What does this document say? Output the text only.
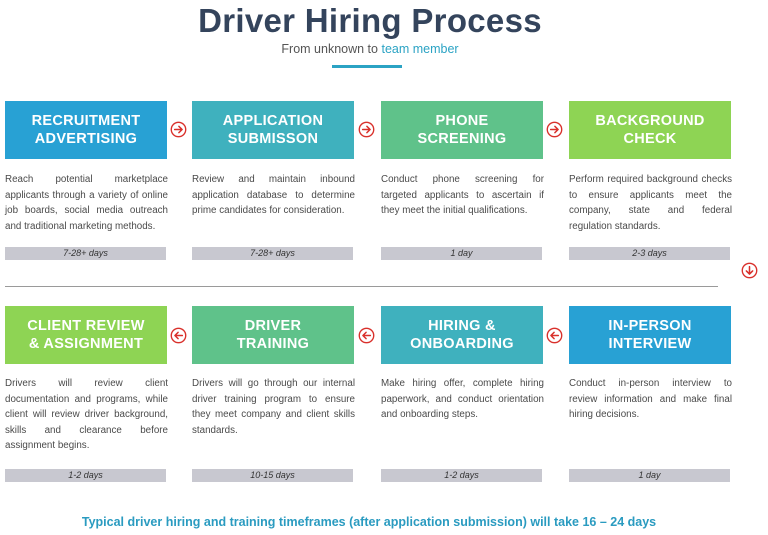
Driver Hiring Process
From unknown to team member
RECRUITMENT
ADVERTISING
Reach potential marketplace applicants through a variety of online job boards, social media outreach and traditional marketing methods.
7-28+ days
APPLICATION
SUBMISSON
Review and maintain inbound application database to determine prime candidates for consideration.
7-28+ days
PHONE
SCREENING
Conduct phone screening for targeted applicants to ascertain if they meet the initial qualifications.
1 day
BACKGROUND
CHECK
Perform required background checks to ensure applicants meet the company, state and federal regulation standards.
2-3 days
CLIENT REVIEW
& ASSIGNMENT
Drivers will review client documentation and programs, while client will review driver background, skills and clearance before assignment begins.
1-2 days
DRIVER
TRAINING
Drivers will go through our internal driver training program to ensure they meet company and client skills standards.
10-15 days
HIRING &
ONBOARDING
Make hiring offer, complete hiring paperwork, and conduct orientation and onboarding steps.
1-2 days
IN-PERSON
INTERVIEW
Conduct in-person interview to review information and make final hiring decisions.
1 day
Typical driver hiring and training timeframes (after application submission) will take 16 – 24 days
